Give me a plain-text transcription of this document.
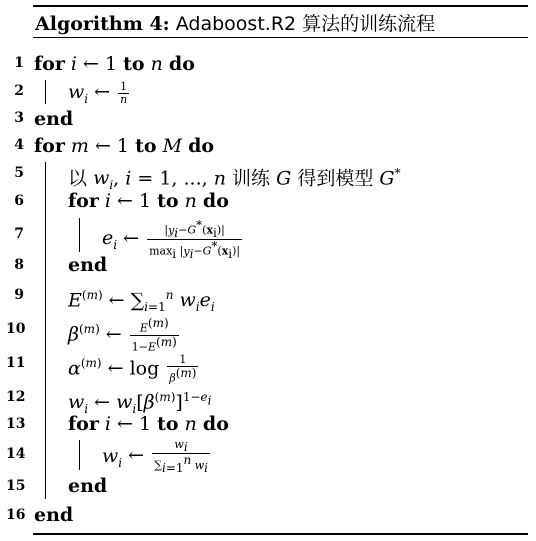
Algorithm 4: Adaboost.R2 算法的训练流程
1
2
3
4
5
6
7
8
9
10
11
12
13
14
15
16
for i ← 1 to n do
$w_i$ ← $\frac{1}{n}$
end
for m ← 1 to M do
以 $w_i$, i = 1, ..., n 训练 G 得到模型 G*
for i ← 1 to n do
$e_i$ ← $\frac{|y_i-G^*(x_i)|}{\max_i |y_i-G^*(x_i)|}$
end
$E^{(m)}$ ← $\sum_{i=1}^n$ $w_ie_i$
$\beta^{(m)}$ ← $\frac{E^{(m)}}{1-E^{(m)}}$
$\alpha^{(m)}$ ← $\log \frac{1}{\beta^{(m)}}$
$w_i$ ← $w_i[\beta^{(m)}]^{1-e_i}$
for i ← 1 to n do
$w_i$ ← $\frac{w_i}{\sum_{i=1}^n w_i}$
end
end
